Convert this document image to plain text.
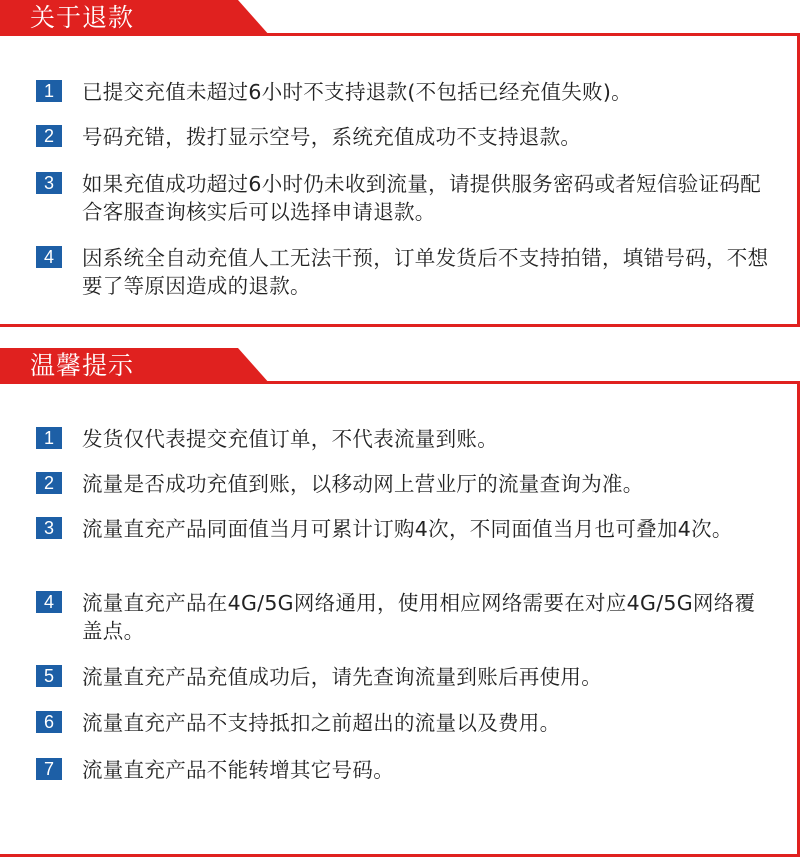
关于退款
1	已提交充值未超过6小时不支持退款(不包括已经充值失败)。
2	号码充错，拨打显示空号，系统充值成功不支持退款。
3	如果充值成功超过6小时仍未收到流量，请提供服务密码或者短信验证码配合客服查询核实后可以选择申请退款。
4	因系统全自动充值人工无法干预，订单发货后不支持拍错，填错号码，不想要了等原因造成的退款。
温馨提示
1	发货仅代表提交充值订单，不代表流量到账。
2	流量是否成功充值到账，以移动网上营业厅的流量查询为准。
3	流量直充产品同面值当月可累计订购4次，不同面值当月也可叠加4次。
4	流量直充产品在4G/5G网络通用，使用相应网络需要在对应4G/5G网络覆盖点。
5	流量直充产品充值成功后，请先查询流量到账后再使用。
6	流量直充产品不支持抵扣之前超出的流量以及费用。
7	流量直充产品不能转增其它号码。
